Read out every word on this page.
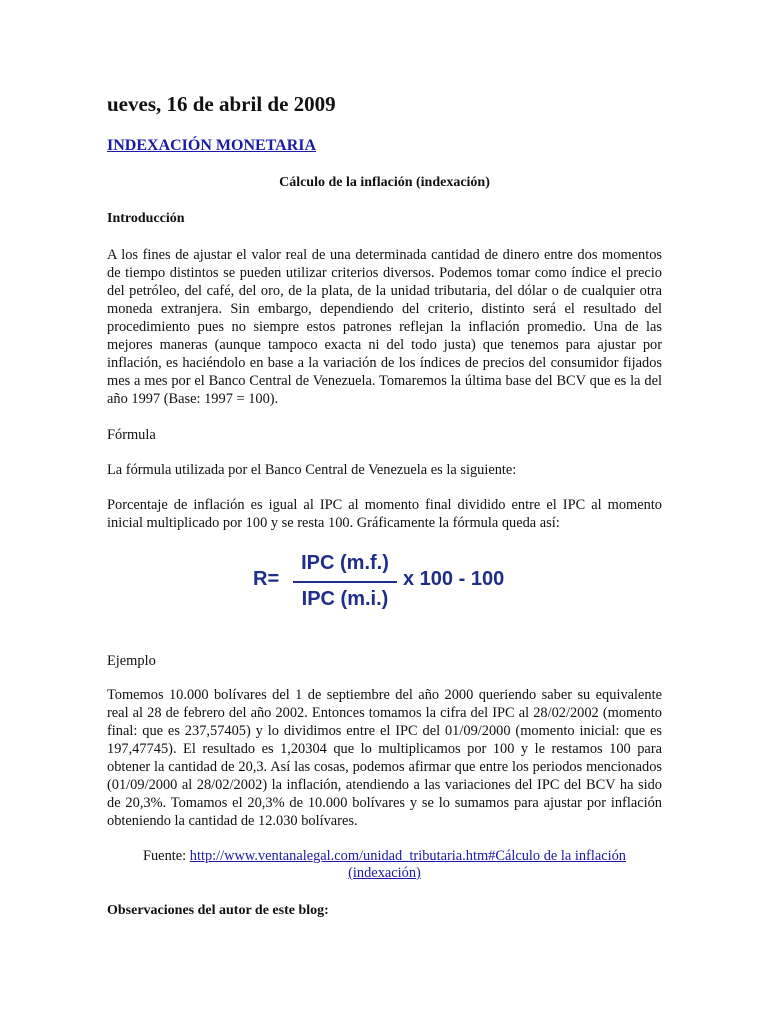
ueves, 16 de abril de 2009
INDEXACIÓN MONETARIA
Cálculo de la inflación (indexación)
Introducción

A los fines de ajustar el valor real de una determinada cantidad de dinero entre dos momentos de tiempo distintos se pueden utilizar criterios diversos. Podemos tomar como índice el precio del petróleo, del café, del oro, de la plata, de la unidad tributaria, del dólar o de cualquier otra moneda extranjera. Sin embargo, dependiendo del criterio, distinto será el resultado del procedimiento pues no siempre estos patrones reflejan la inflación promedio. Una de las mejores maneras (aunque tampoco exacta ni del todo justa) que tenemos para ajustar por inflación, es haciéndolo en base a la variación de los índices de precios del consumidor fijados mes a mes por el Banco Central de Venezuela. Tomaremos la última base del BCV que es la del año 1997 (Base: 1997 = 100).

Fórmula
La fórmula utilizada por el Banco Central de Venezuela es la siguiente:

Porcentaje de inflación es igual al IPC al momento final dividido entre el IPC al momento inicial multiplicado por 100 y se resta 100. Gráficamente la fórmula queda así:

R=
IPC (m.f.)
IPC (m.i.)
x 100 - 100
Ejemplo

Tomemos 10.000 bolívares del 1 de septiembre del año 2000 queriendo saber su equivalente real al 28 de febrero del año 2002. Entonces tomamos la cifra del IPC al 28/02/2002 (momento final: que es 237,57405) y lo dividimos entre el IPC del 01/09/2000 (momento inicial: que es 197,47745). El resultado es 1,20304 que lo multiplicamos por 100 y le restamos 100 para obtener la cantidad de 20,3. Así las cosas, podemos afirmar que entre los periodos mencionados (01/09/2000 al 28/02/2002) la inflación, atendiendo a las variaciones del IPC del BCV ha sido de 20,3%. Tomamos el 20,3% de 10.000 bolívares y se lo sumamos para ajustar por inflación obteniendo la cantidad de 12.030 bolívares.

Fuente: http://www.ventanalegal.com/unidad_tributaria.htm#Cálculo de la inflación (indexación)
Observaciones del autor de este blog:
